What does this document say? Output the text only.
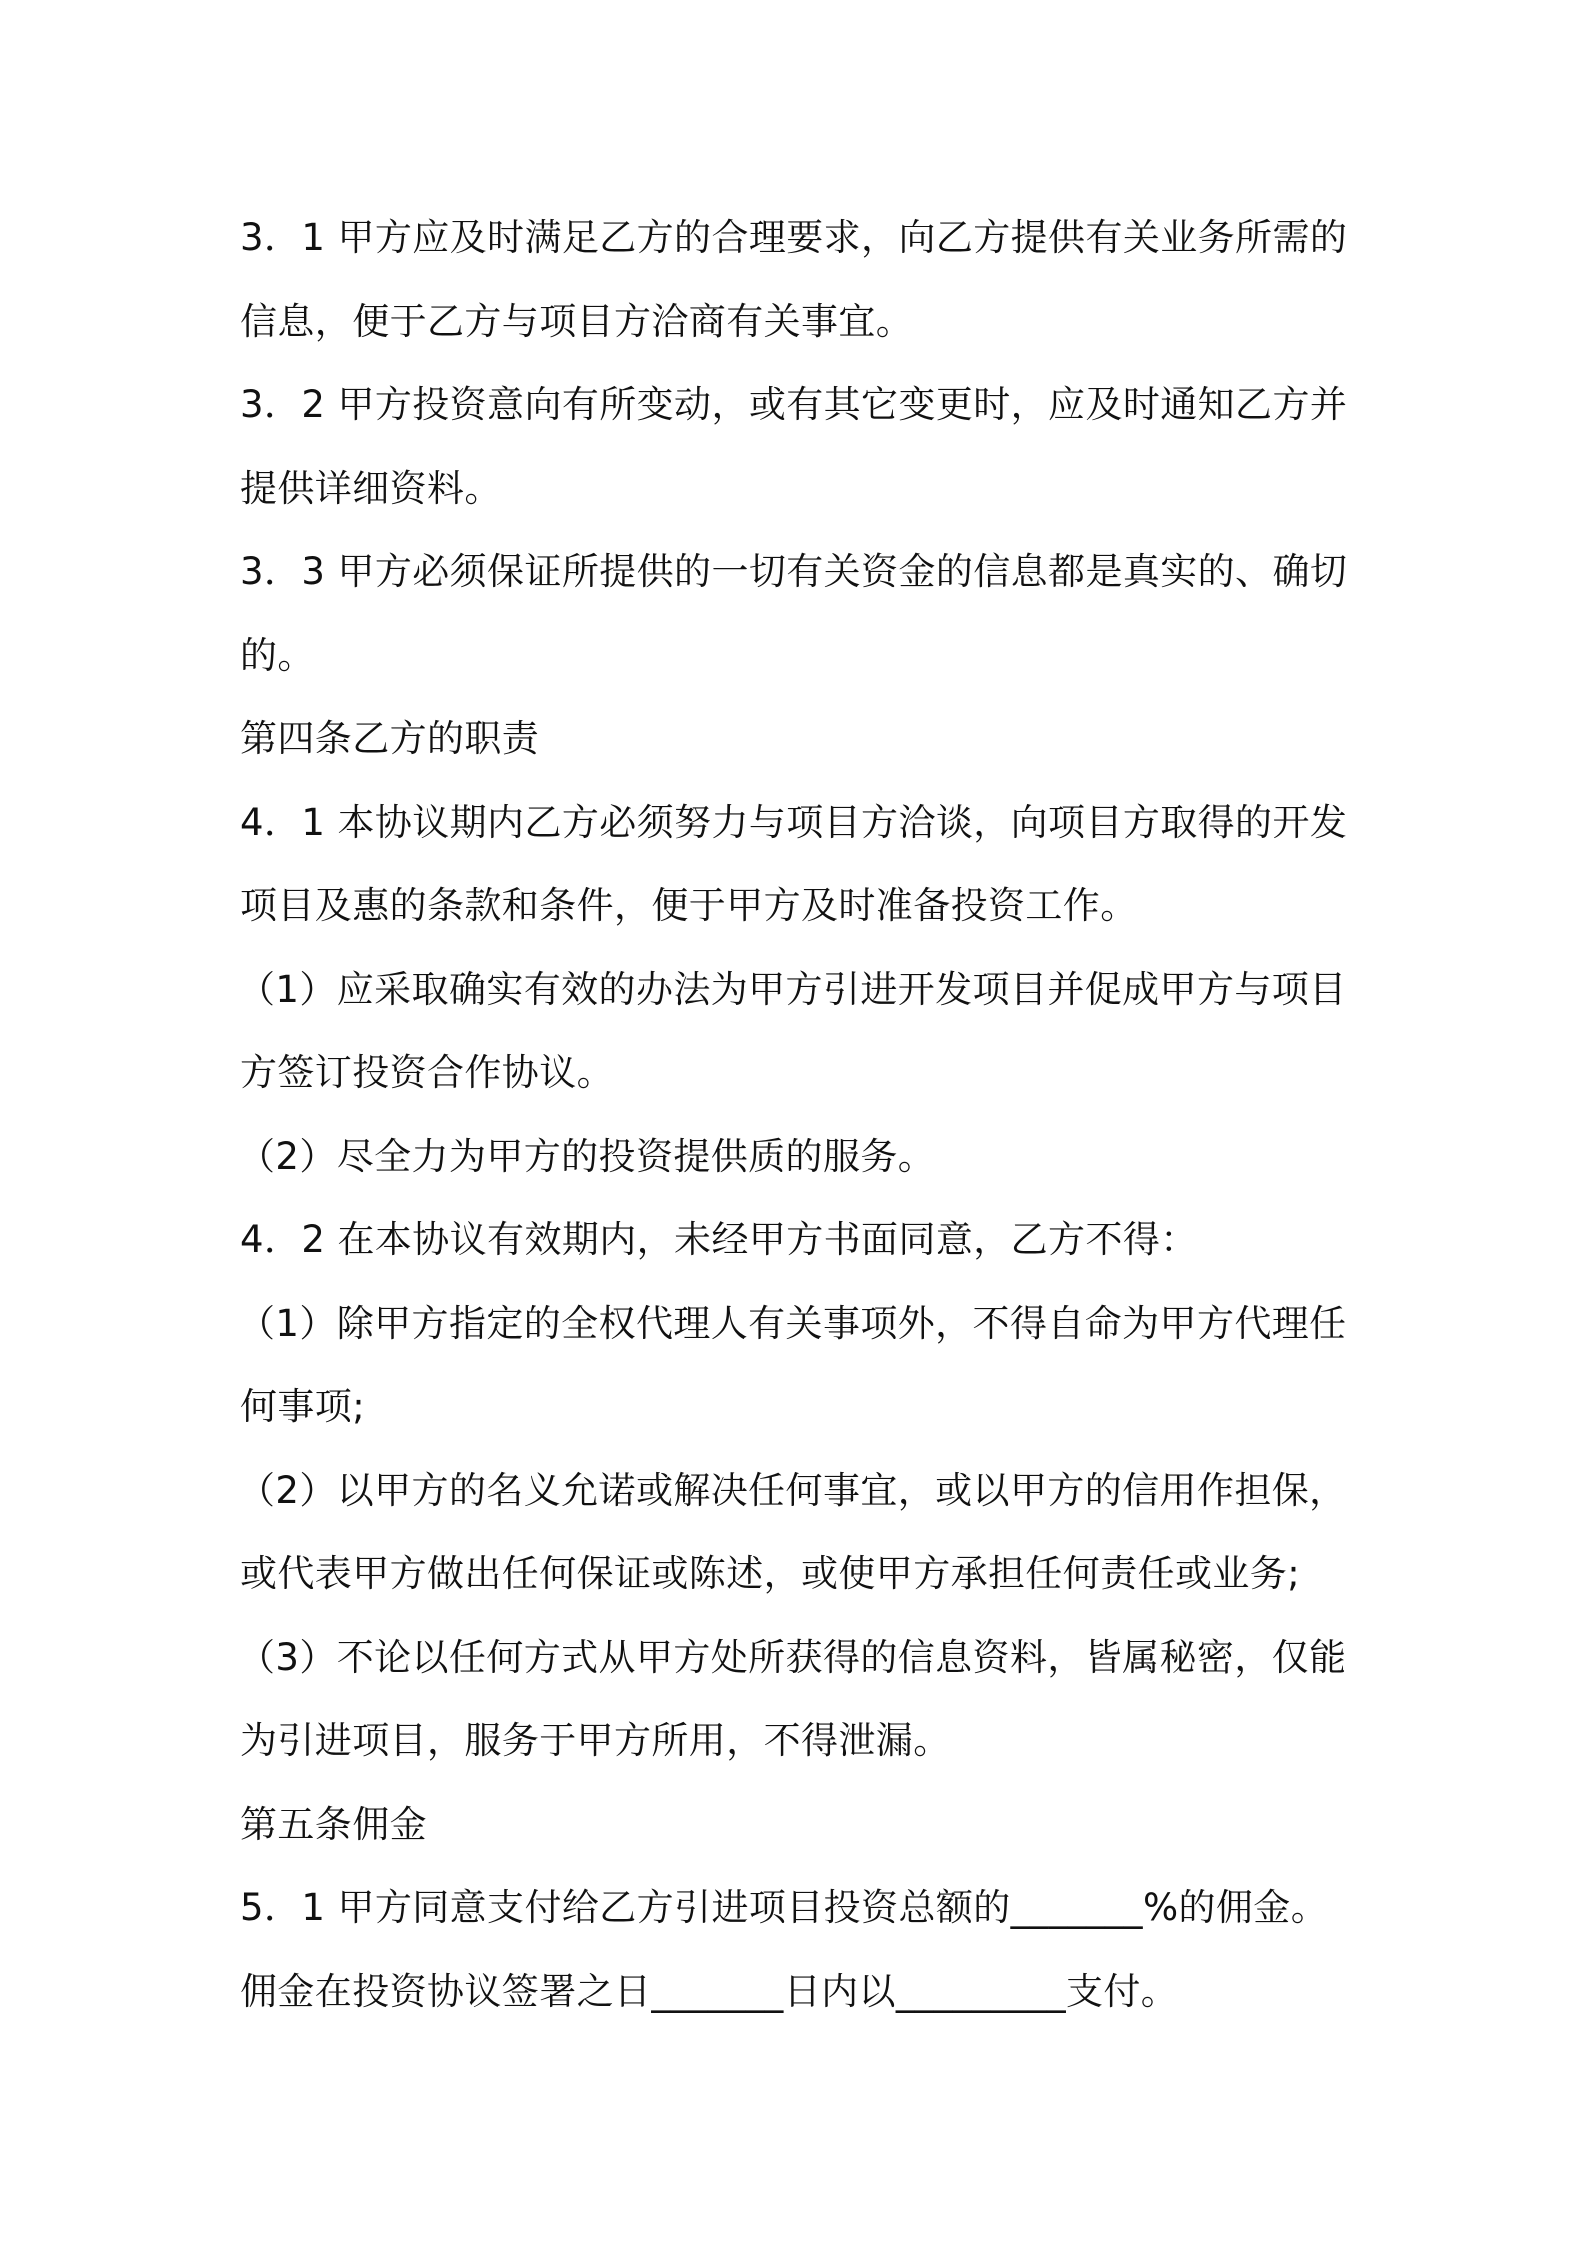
3．1 甲方应及时满足乙方的合理要求，向乙方提供有关业务所需的信息，便于乙方与项目方洽商有关事宜。

3．2 甲方投资意向有所变动，或有其它变更时，应及时通知乙方并提供详细资料。

3．3 甲方必须保证所提供的一切有关资金的信息都是真实的、确切的。

第四条乙方的职责

4．1 本协议期内乙方必须努力与项目方洽谈，向项目方取得的开发项目及惠的条款和条件，便于甲方及时准备投资工作。

（1）应采取确实有效的办法为甲方引进开发项目并促成甲方与项目方签订投资合作协议。

（2）尽全力为甲方的投资提供质的服务。

4．2 在本协议有效期内，未经甲方书面同意，乙方不得：

（1）除甲方指定的全权代理人有关事项外，不得自命为甲方代理任何事项;

（2）以甲方的名义允诺或解决任何事宜，或以甲方的信用作担保，或代表甲方做出任何保证或陈述，或使甲方承担任何责任或业务;

（3）不论以任何方式从甲方处所获得的信息资料，皆属秘密，仅能为引进项目，服务于甲方所用，不得泄漏。

第五条佣金

5．1 甲方同意支付给乙方引进项目投资总额的_______%的佣金。佣金在投资协议签署之日_______日内以_________支付。
